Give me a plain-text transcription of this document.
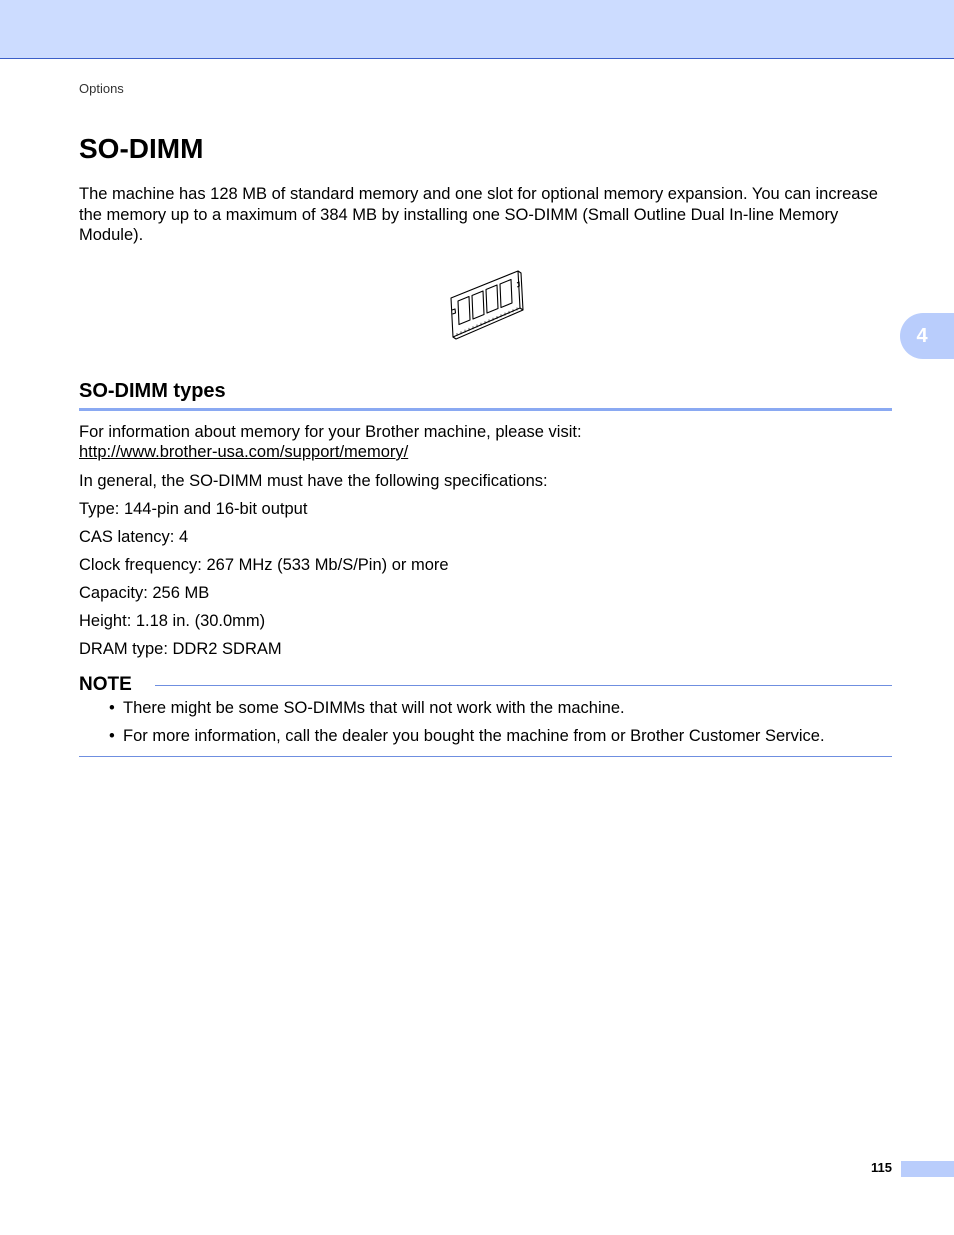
Options
4
SO-DIMM

The machine has 128 MB of standard memory and one slot for optional memory expansion. You can increase the memory up to a maximum of 384 MB by installing one SO-DIMM (Small Outline Dual In-line Memory Module).

SO-DIMM types

For information about memory for your Brother machine, please visit:

http://www.brother-usa.com/support/memory/

In general, the SO-DIMM must have the following specifications:

Type: 144-pin and 16-bit output

CAS latency: 4

Clock frequency: 267 MHz (533 Mb/S/Pin) or more

Capacity: 256 MB

Height: 1.18 in. (30.0mm)

DRAM type: DDR2 SDRAM

NOTE
• There might be some SO-DIMMs that will not work with the machine.
• For more information, call the dealer you bought the machine from or Brother Customer Service.
115
